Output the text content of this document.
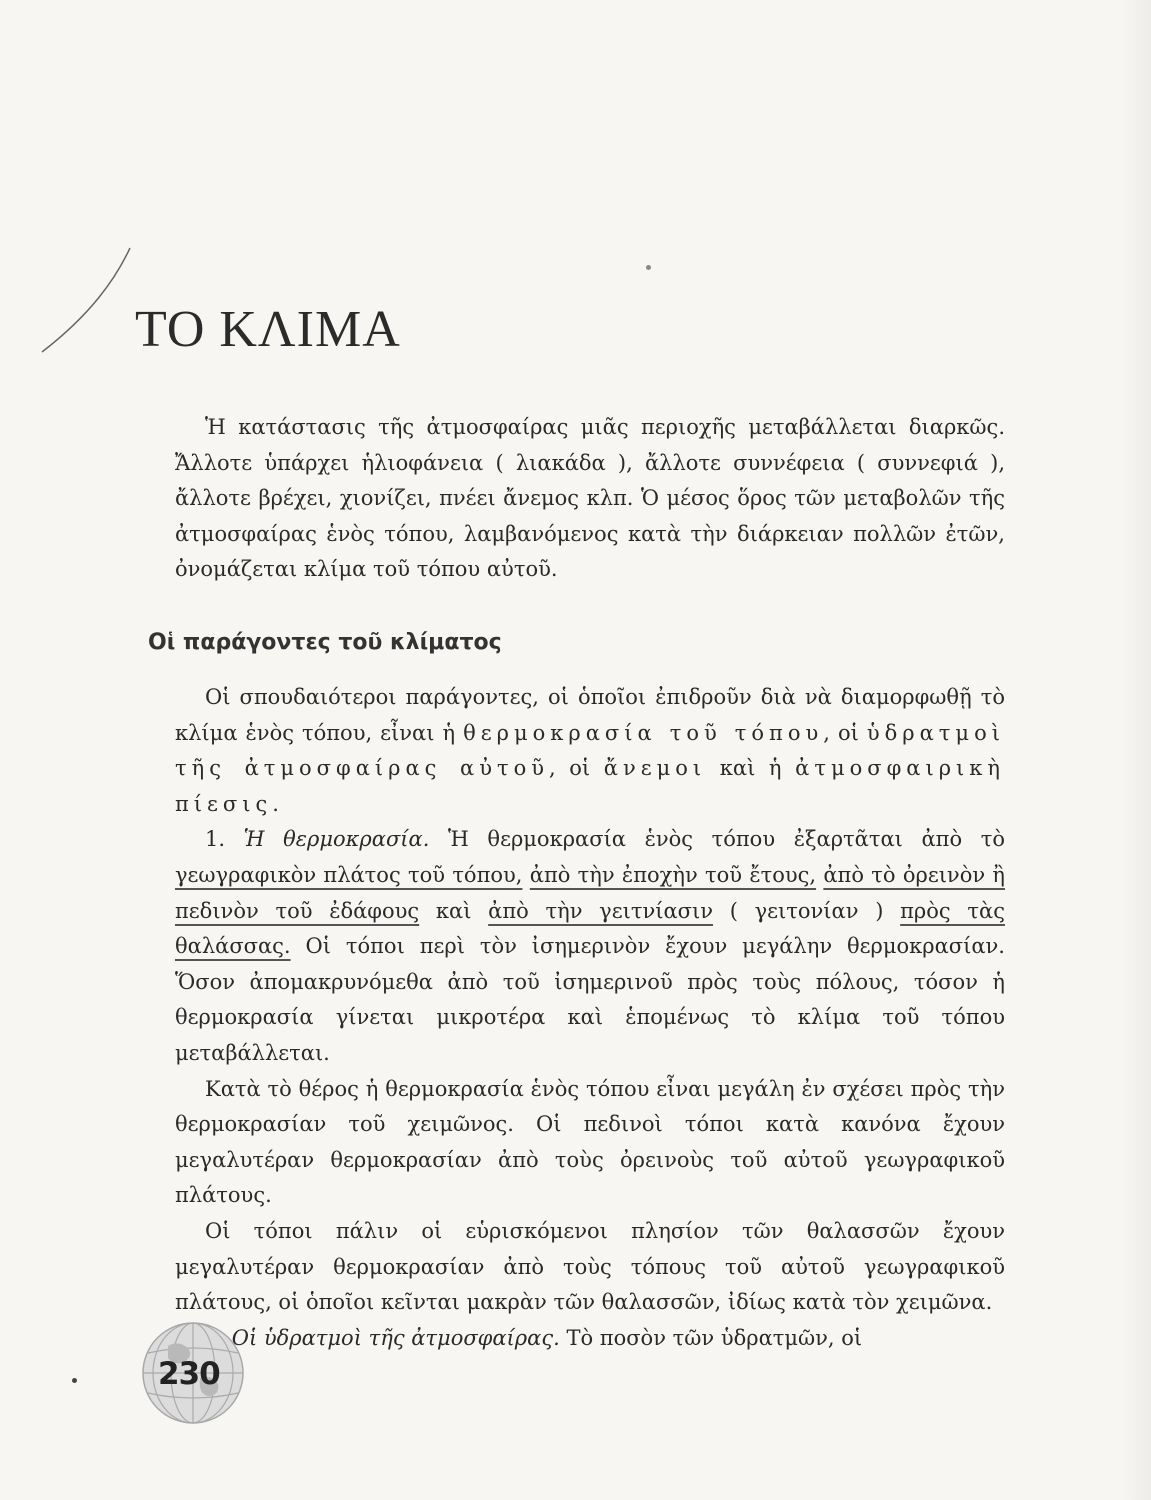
ΤΟ ΚΛΙΜΑ

Ἡ κατάστασις τῆς ἀτμοσφαίρας μιᾶς περιοχῆς μεταβάλλεται διαρκῶς. Ἄλλοτε ὑπάρχει ἡλιοφάνεια ( λιακάδα ), ἄλλοτε συννέφεια ( συννεφιά ), ἄλλοτε βρέχει, χιονίζει, πνέει ἄνεμος κλπ. Ὁ μέσος ὅρος τῶν μεταβολῶν τῆς ἀτμοσφαίρας ἑνὸς τόπου, λαμβανόμενος κατὰ τὴν διάρκειαν πολλῶν ἐτῶν, ὀνομάζεται κλίμα τοῦ τόπου αὐτοῦ.

Οἱ παράγοντες τοῦ κλίματος

Οἱ σπουδαιότεροι παράγοντες, οἱ ὁποῖοι ἐπιδροῦν διὰ νὰ διαμορφωθῇ τὸ κλίμα ἑνὸς τόπου, εἶναι ἡ θερμοκρασία τοῦ τόπου, οἱ ὑδρατμοὶ τῆς ἀτμοσφαίρας αὐτοῦ, οἱ ἄνεμοι καὶ ἡ ἀτμοσφαιρικὴ πίεσις.

1. Ἡ θερμοκρασία. Ἡ θερμοκρασία ἑνὸς τόπου ἐξαρτᾶται ἀπὸ τὸ γεωγραφικὸν πλάτος τοῦ τόπου, ἀπὸ τὴν ἐποχὴν τοῦ ἔτους, ἀπὸ τὸ ὀρεινὸν ἢ πεδινὸν τοῦ ἐδάφους καὶ ἀπὸ τὴν γειτνίασιν ( γειτονίαν ) πρὸς τὰς θαλάσσας. Οἱ τόποι περὶ τὸν ἰσημερινὸν ἔχουν μεγάλην θερμοκρασίαν. Ὅσον ἀπομακρυνόμεθα ἀπὸ τοῦ ἰσημερινοῦ πρὸς τοὺς πόλους, τόσον ἡ θερμοκρασία γίνεται μικροτέρα καὶ ἑπομένως τὸ κλίμα τοῦ τόπου μεταβάλλεται.

Κατὰ τὸ θέρος ἡ θερμοκρασία ἑνὸς τόπου εἶναι μεγάλη ἐν σχέσει πρὸς τὴν θερμοκρασίαν τοῦ χειμῶνος. Οἱ πεδινοὶ τόποι κατὰ κανόνα ἔχουν μεγαλυτέραν θερμοκρασίαν ἀπὸ τοὺς ὀρεινοὺς τοῦ αὐτοῦ γεωγραφικοῦ πλάτους.

Οἱ τόποι πάλιν οἱ εὑρισκόμενοι πλησίον τῶν θαλασσῶν ἔχουν μεγαλυτέραν θερμοκρασίαν ἀπὸ τοὺς τόπους τοῦ αὐτοῦ γεωγραφικοῦ πλάτους, οἱ ὁποῖοι κεῖνται μακρὰν τῶν θαλασσῶν, ἰδίως κατὰ τὸν χειμῶνα.

Οἱ ὑδρατμοὶ τῆς ἀτμοσφαίρας. Τὸ ποσὸν τῶν ὑδρατμῶν, οἱ

230
